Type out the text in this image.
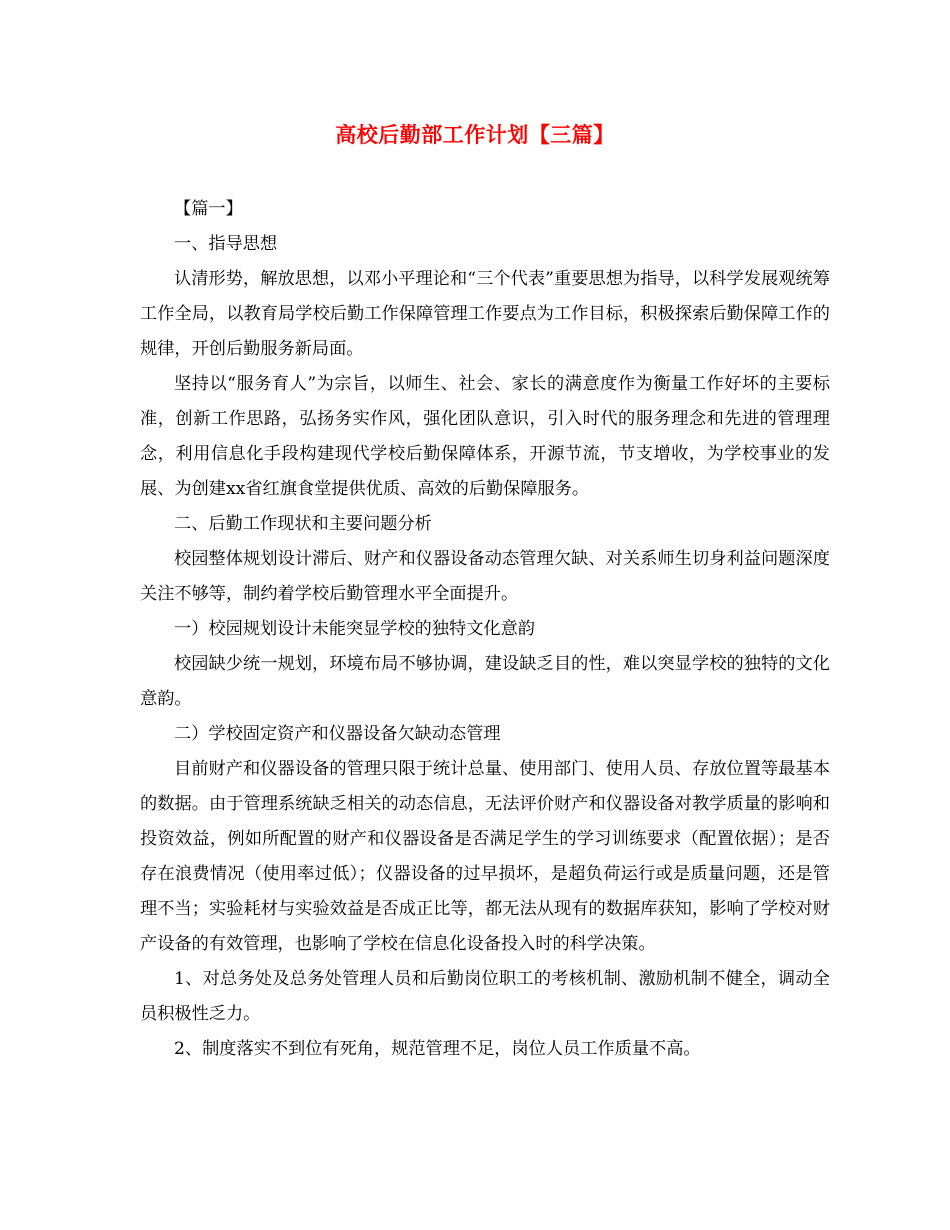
高校后勤部工作计划【三篇】

【篇一】

一、指导思想

认清形势，解放思想，以邓小平理论和“三个代表”重要思想为指导，以科学发展观统筹工作全局，以教育局学校后勤工作保障管理工作要点为工作目标，积极探索后勤保障工作的规律，开创后勤服务新局面。

坚持以“服务育人”为宗旨，以师生、社会、家长的满意度作为衡量工作好坏的主要标准，创新工作思路，弘扬务实作风，强化团队意识，引入时代的服务理念和先进的管理理念，利用信息化手段构建现代学校后勤保障体系，开源节流，节支增收，为学校事业的发展、为创建xx省红旗食堂提供优质、高效的后勤保障服务。

二、后勤工作现状和主要问题分析

校园整体规划设计滞后、财产和仪器设备动态管理欠缺、对关系师生切身利益问题深度关注不够等，制约着学校后勤管理水平全面提升。

一）校园规划设计未能突显学校的独特文化意韵

校园缺少统一规划，环境布局不够协调，建设缺乏目的性，难以突显学校的独特的文化意韵。

二）学校固定资产和仪器设备欠缺动态管理

目前财产和仪器设备的管理只限于统计总量、使用部门、使用人员、存放位置等最基本的数据。由于管理系统缺乏相关的动态信息，无法评价财产和仪器设备对教学质量的影响和投资效益，例如所配置的财产和仪器设备是否满足学生的学习训练要求（配置依据）；是否存在浪费情况（使用率过低）；仪器设备的过早损坏，是超负荷运行或是质量问题，还是管理不当；实验耗材与实验效益是否成正比等，都无法从现有的数据库获知，影响了学校对财产设备的有效管理，也影响了学校在信息化设备投入时的科学决策。

1、对总务处及总务处管理人员和后勤岗位职工的考核机制、激励机制不健全，调动全员积极性乏力。

2、制度落实不到位有死角，规范管理不足，岗位人员工作质量不高。
